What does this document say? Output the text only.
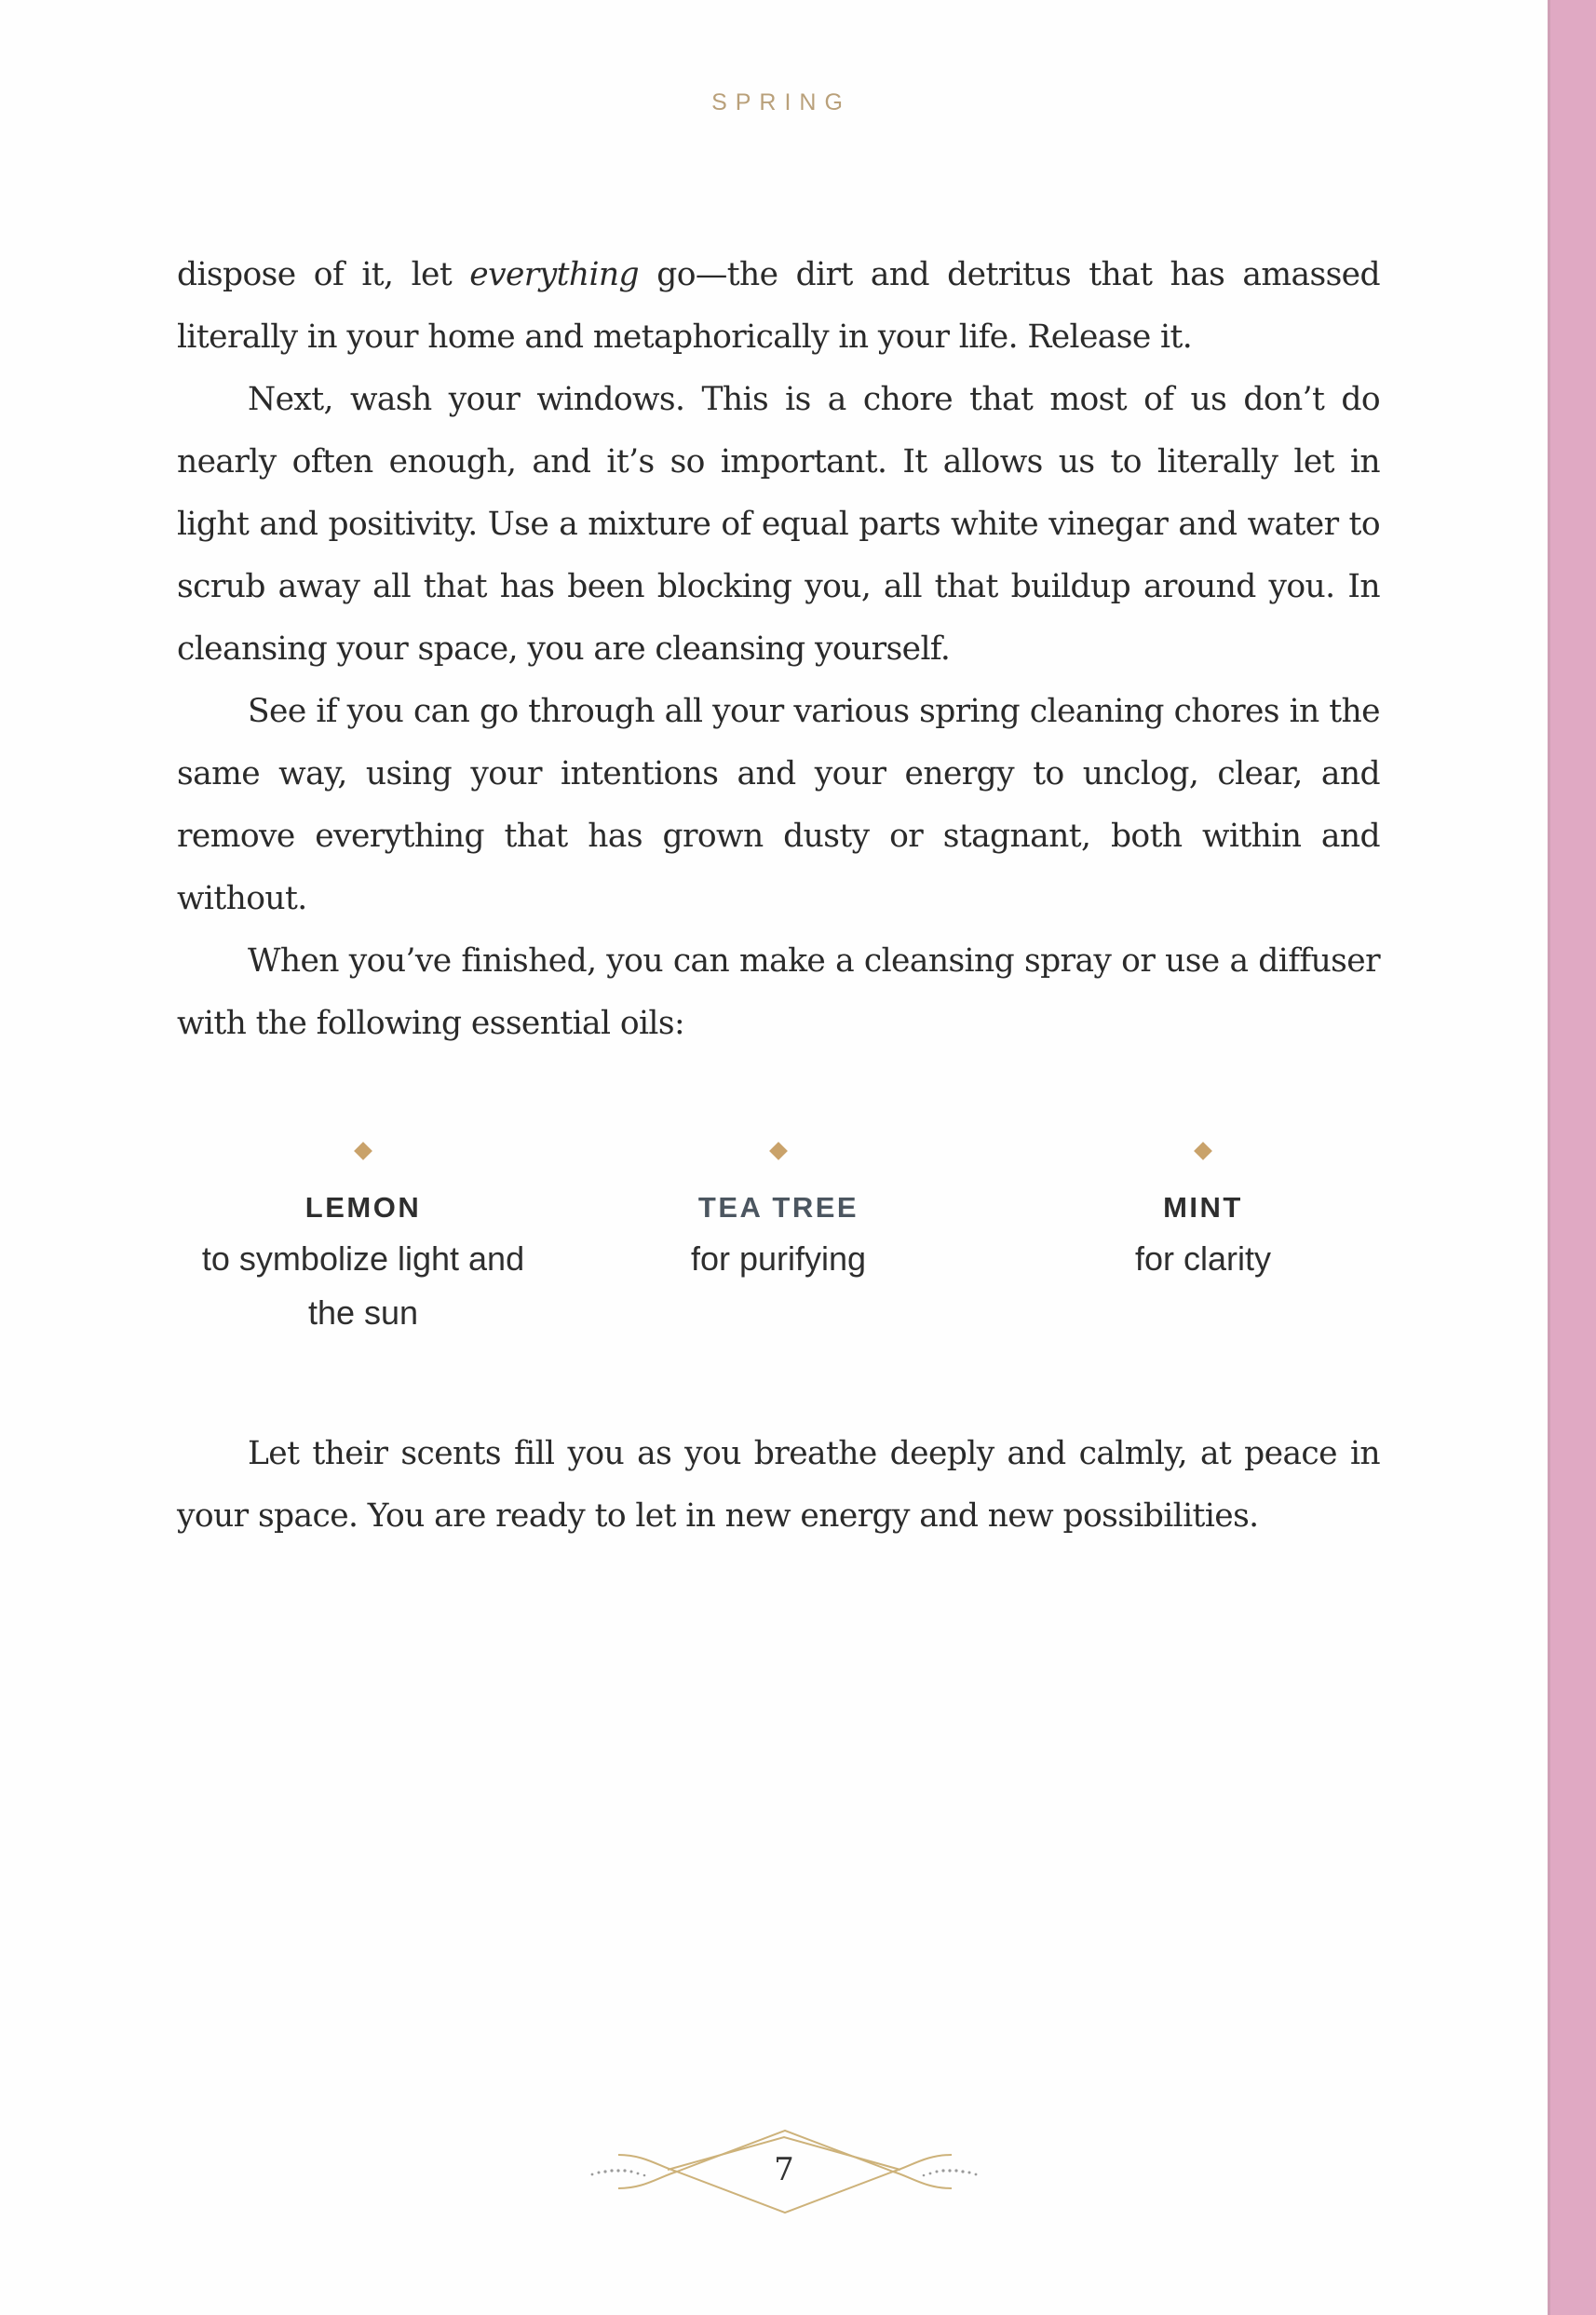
SPRING

dispose of it, let everything go—the dirt and detritus that has amassed literally in your home and metaphorically in your life. Release it.

Next, wash your windows. This is a chore that most of us don’t do nearly often enough, and it’s so important. It allows us to literally let in light and positivity. Use a mixture of equal parts white vinegar and water to scrub away all that has been blocking you, all that buildup around you. In cleansing your space, you are cleansing yourself.

See if you can go through all your various spring cleaning chores in the same way, using your intentions and your energy to unclog, clear, and remove everything that has grown dusty or stagnant, both within and without.

When you’ve finished, you can make a cleansing spray or use a diffuser with the following essential oils:

LEMON
to symbolize light and the sun
TEA TREE
for purifying
MINT
for clarity

Let their scents fill you as you breathe deeply and calmly, at peace in your space. You are ready to let in new energy and new possibilities.

7
